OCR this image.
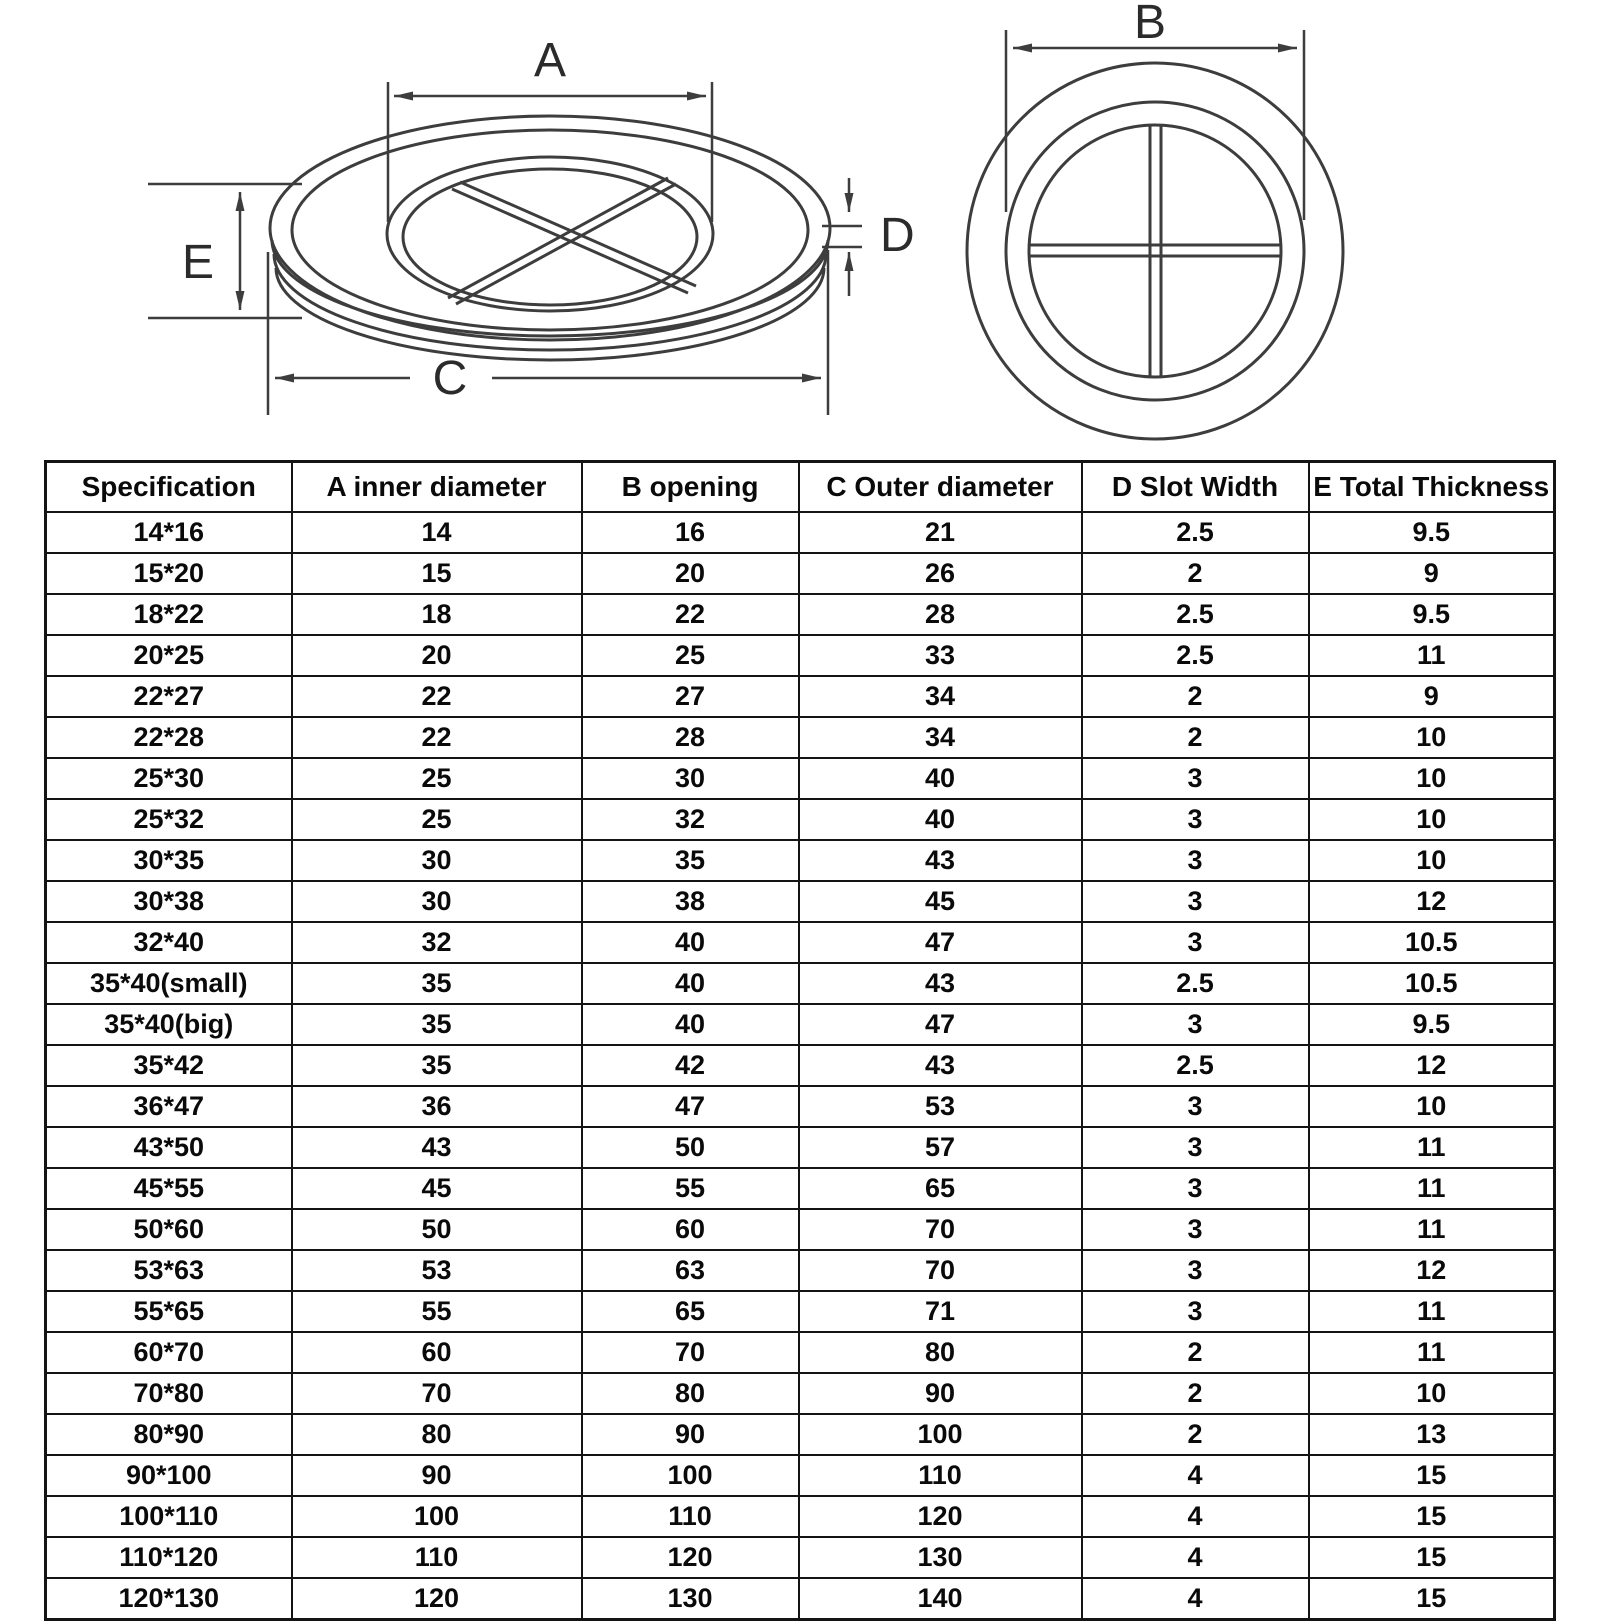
A
E
C
D
B
Specification	A inner diameter	B opening	C Outer diameter	D Slot Width	E Total Thickness
14*16	14	16	21	2.5	9.5
15*20	15	20	26	2	9
18*22	18	22	28	2.5	9.5
20*25	20	25	33	2.5	11
22*27	22	27	34	2	9
22*28	22	28	34	2	10
25*30	25	30	40	3	10
25*32	25	32	40	3	10
30*35	30	35	43	3	10
30*38	30	38	45	3	12
32*40	32	40	47	3	10.5
35*40(small)	35	40	43	2.5	10.5
35*40(big)	35	40	47	3	9.5
35*42	35	42	43	2.5	12
36*47	36	47	53	3	10
43*50	43	50	57	3	11
45*55	45	55	65	3	11
50*60	50	60	70	3	11
53*63	53	63	70	3	12
55*65	55	65	71	3	11
60*70	60	70	80	2	11
70*80	70	80	90	2	10
80*90	80	90	100	2	13
90*100	90	100	110	4	15
100*110	100	110	120	4	15
110*120	110	120	130	4	15
120*130	120	130	140	4	15
